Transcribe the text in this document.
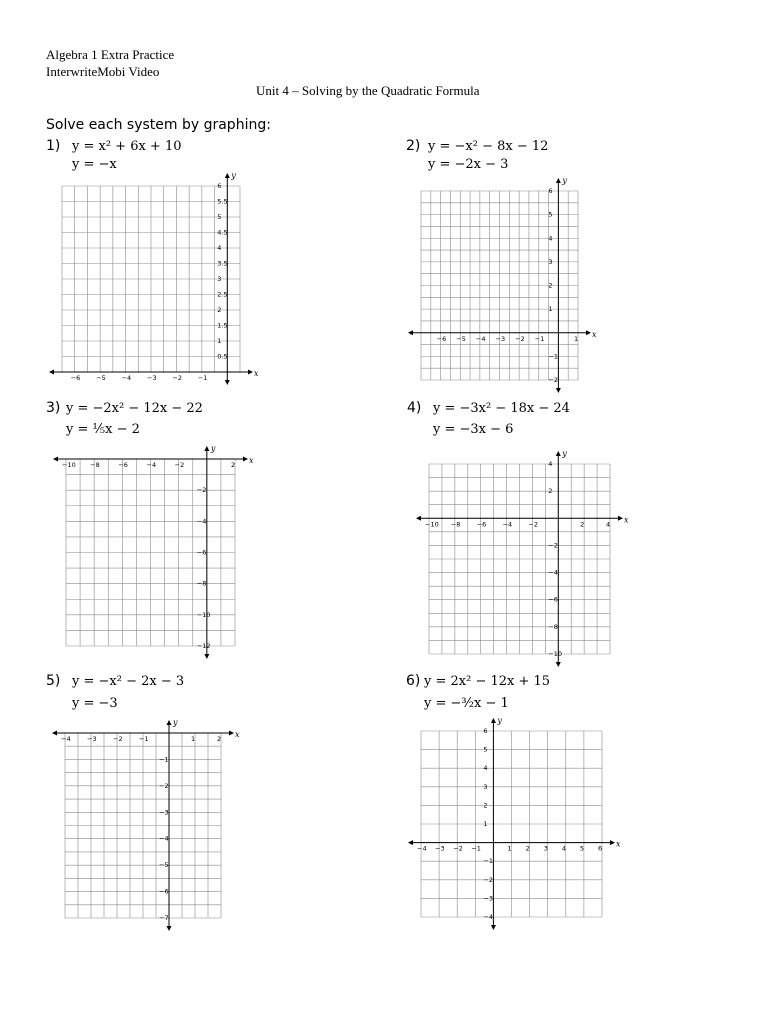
Algebra 1 Extra Practice
InterwriteMobi Video
Unit 4 – Solving by the Quadratic Formula
Solve each system by graphing:
1) y = x² + 6x + 10
y = −x
2) y = −x² − 8x − 12
y = −2x − 3
3) y = −2x² − 12x − 22
y = ⅕x − 2
4) y = −3x² − 18x − 24
y = −3x − 6
5) y = −x² − 2x − 3
y = −3
6) y = 2x² − 12x + 15
y = −³⁄₂x − 1
−6 −5 −4 −3 −2 −1
0.5
1
1.5
2
2.5
3
3.5
4
4.5
5
5.5
6
x
y
−6 −5 −4 −3 −2 −1	1
−2
−1
1
2
3
4
5
6
x
y
−10 −8	−6	−4	−2	2
−2
−4
−6
−8
−10
−12
x
y
−10 −8	−6	−4	−2	2	4
−10
−8
−6
−4
−2
2
4
x
y
−4	−3	−2	−1	1	2
−1
−2
−3
−4
−5
−6
−7
x
y
−4 −3 −2 −1	1 2 3 4 5 6
−4
−3
−2
−1
1
2
3
4
5
6
x
y
